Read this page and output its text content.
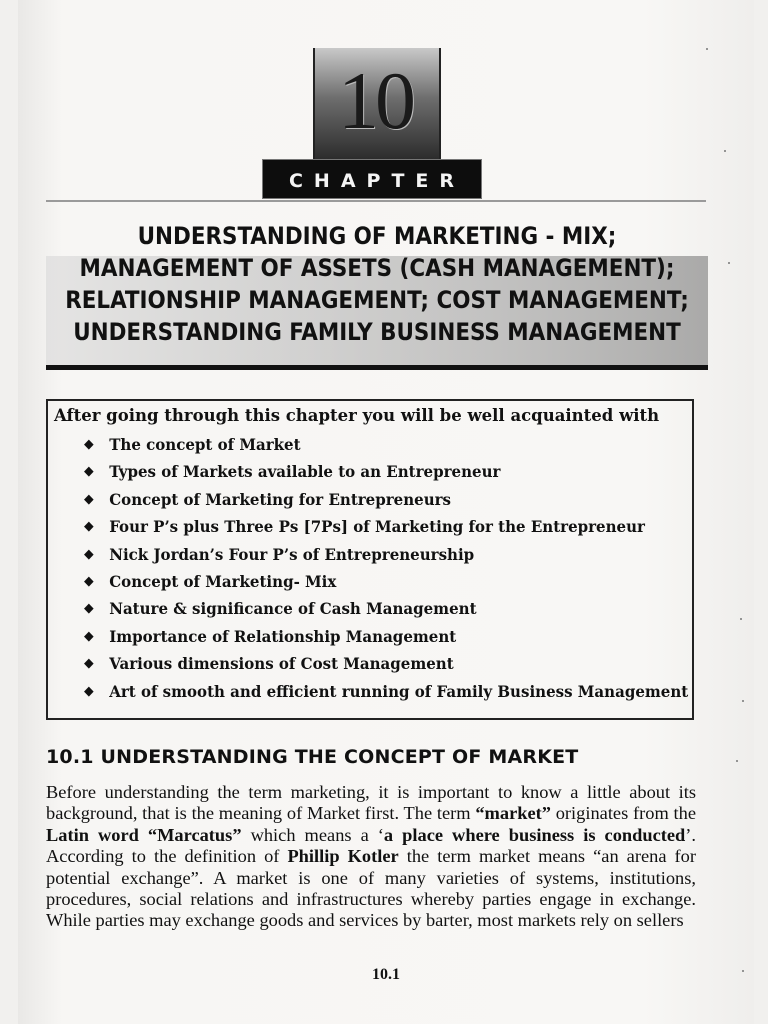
10
CHAPTER
UNDERSTANDING OF MARKETING - MIX;
MANAGEMENT OF ASSETS (CASH MANAGEMENT);
RELATIONSHIP MANAGEMENT; COST MANAGEMENT;
UNDERSTANDING FAMILY BUSINESS MANAGEMENT
After going through this chapter you will be well acquainted with
◆ The concept of Market
◆ Types of Markets available to an Entrepreneur
◆ Concept of Marketing for Entrepreneurs
◆ Four P’s plus Three Ps [7Ps] of Marketing for the Entrepreneur
◆ Nick Jordan’s Four P’s of Entrepreneurship
◆ Concept of Marketing- Mix
◆ Nature & significance of Cash Management
◆ Importance of Relationship Management
◆ Various dimensions of Cost Management
◆ Art of smooth and efficient running of Family Business Management
10.1 UNDERSTANDING THE CONCEPT OF MARKET
Before understanding the term marketing, it is important to know a little about its background, that is the meaning of Market first. The term “market” originates from the Latin word “Marcatus” which means a ‘a place where business is conducted’. According to the definition of Phillip Kotler the term market means “an arena for potential exchange”. A market is one of many varieties of systems, institutions, procedures, social relations and infrastructures whereby parties engage in exchange. While parties may exchange goods and services by barter, most markets rely on sellers
10.1
